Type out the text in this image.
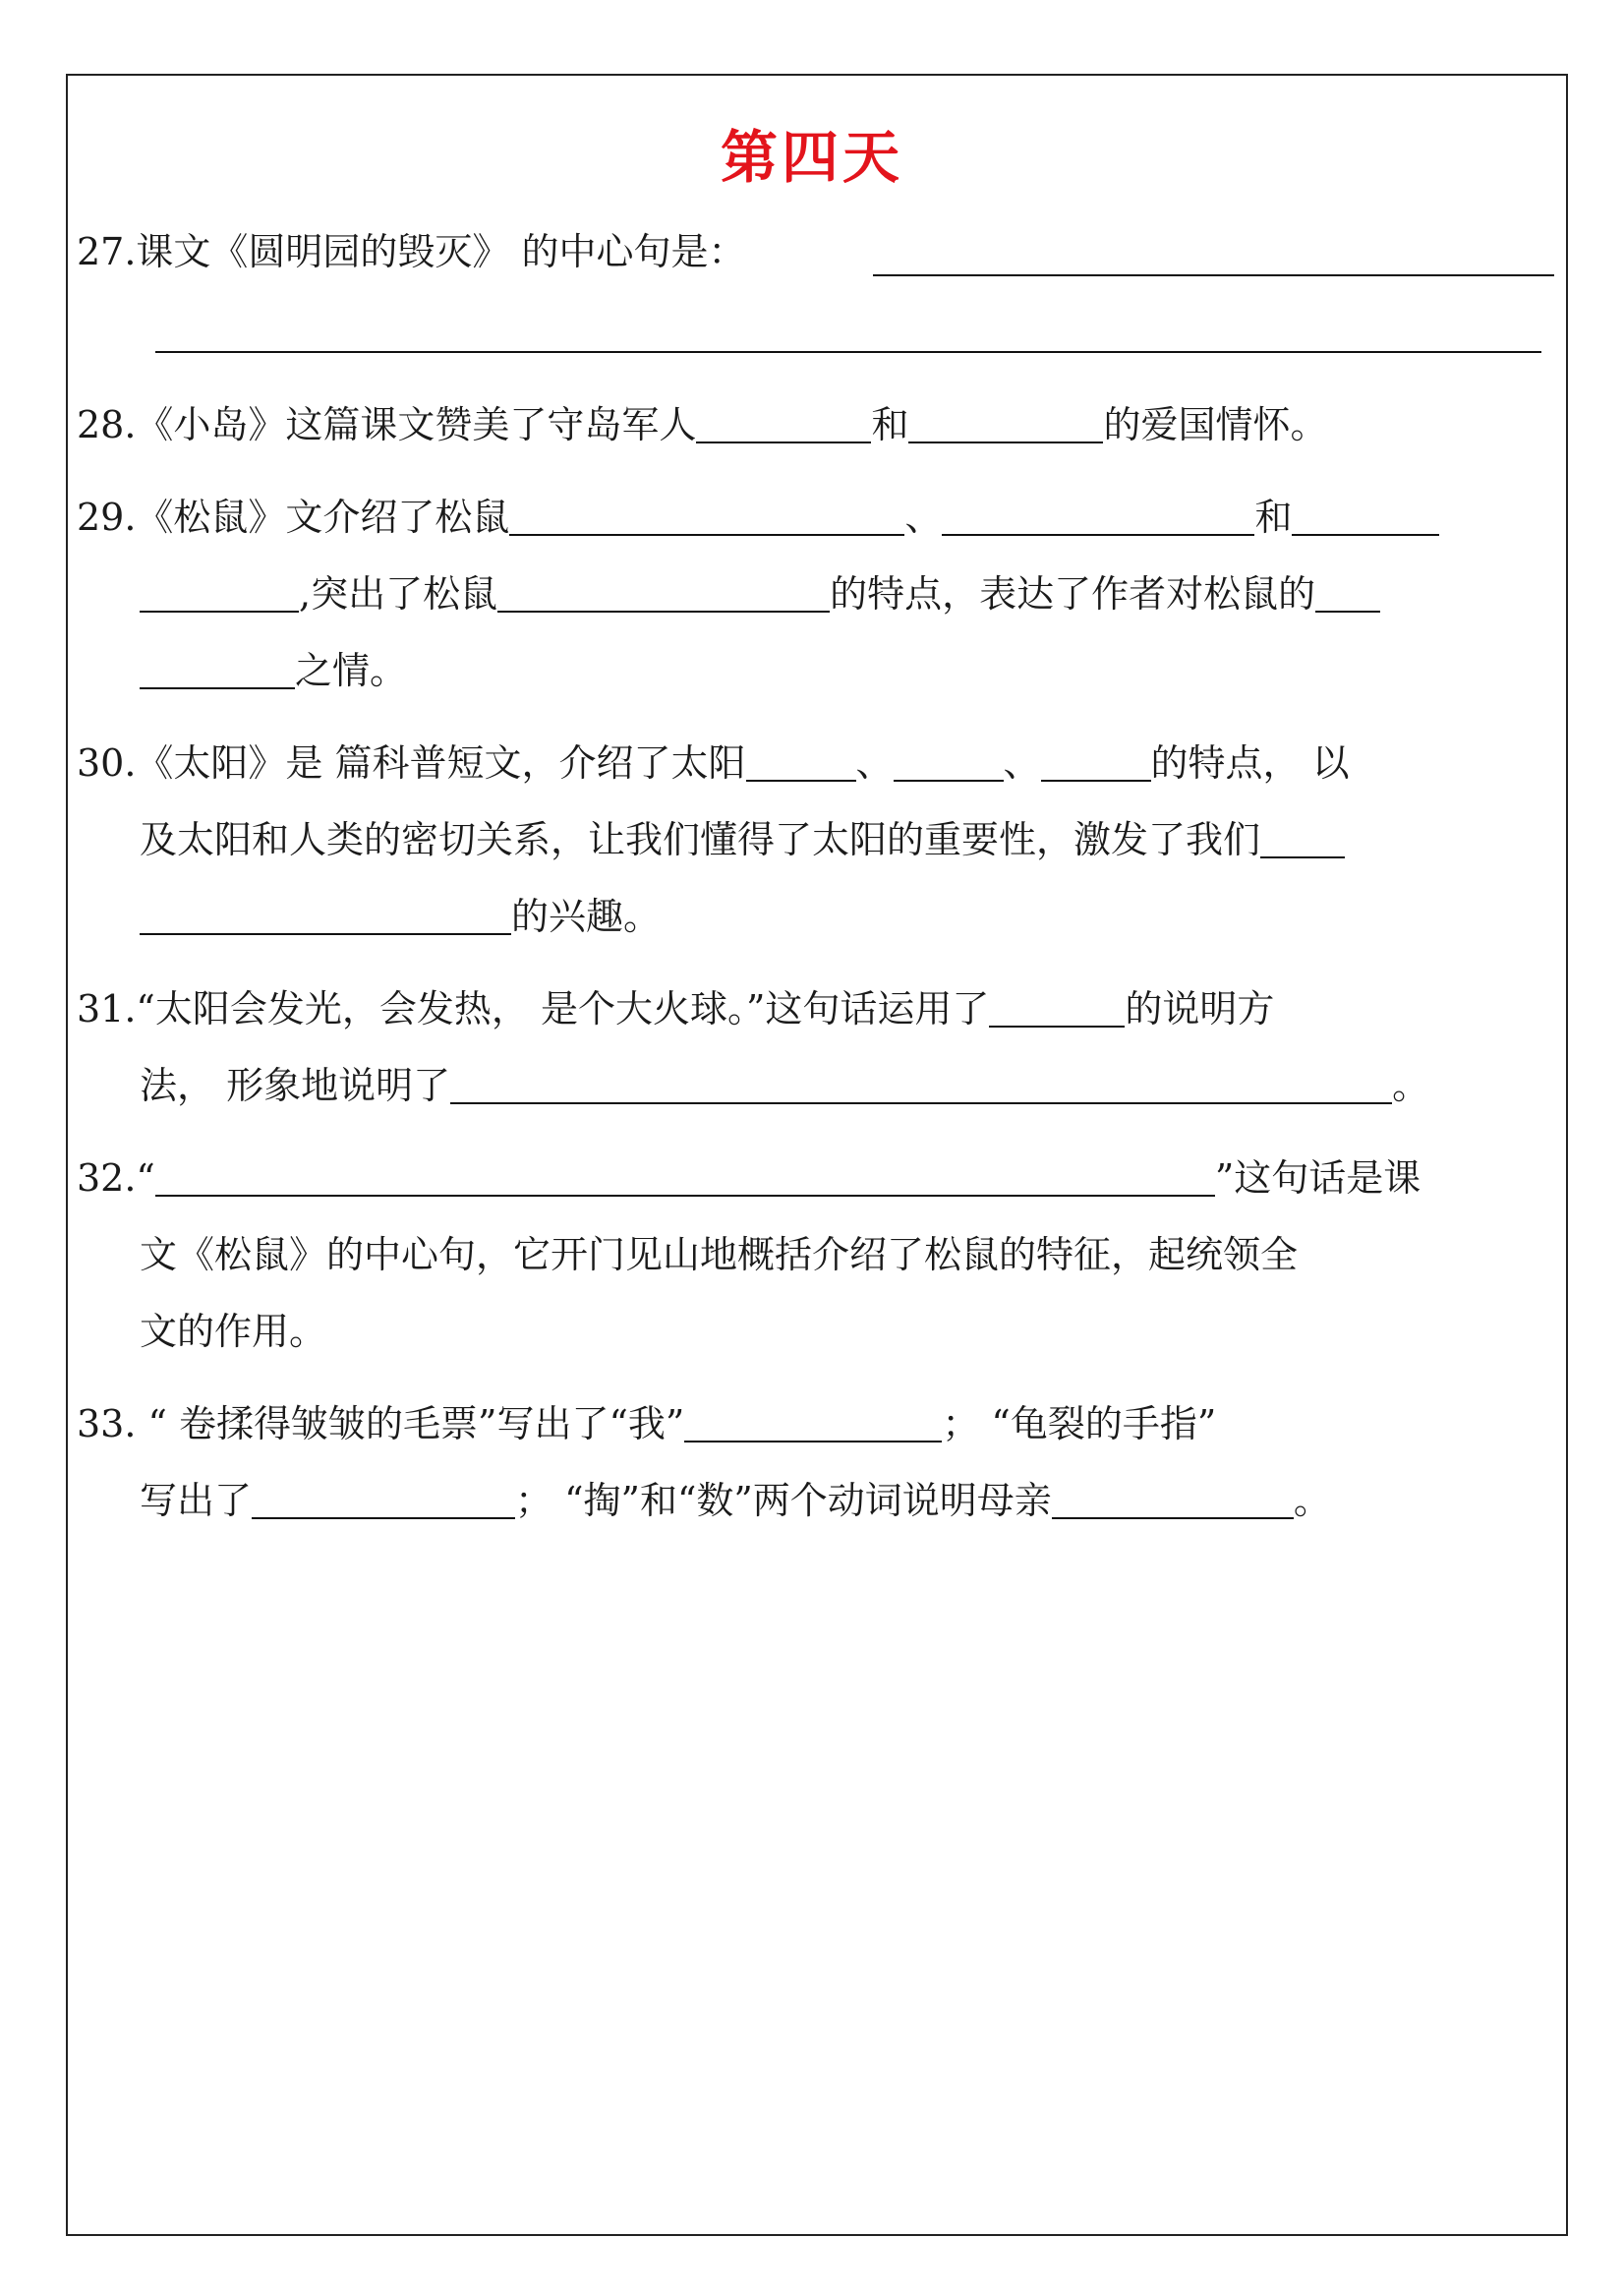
第四天
27.课文《圆明园的毁灭》 的中心句是：
28.《小岛》这篇课文赞美了守岛军人	和	的爱国情怀。
29.《松鼠》文介绍了松鼠	、	和
,突出了松鼠	的特点，表达了作者对松鼠的
之情。
30.《太阳》是 篇科普短文，介绍了太阳	、	、	的特点， 以
及太阳和人类的密切关系，让我们懂得了太阳的重要性，激发了我们
的兴趣。
31.“太阳会发光，会发热， 是个大火球。”这句话运用了	的说明方
法， 形象地说明了	。
32.“	”这句话是课
文《松鼠》的中心句，它开门见山地概括介绍了松鼠的特征，起统领全
文的作用。
33. “ 卷揉得皱皱的毛票”写出了“我”	； “龟裂的手指”
写出了	； “掏”和“数”两个动词说明母亲	。
